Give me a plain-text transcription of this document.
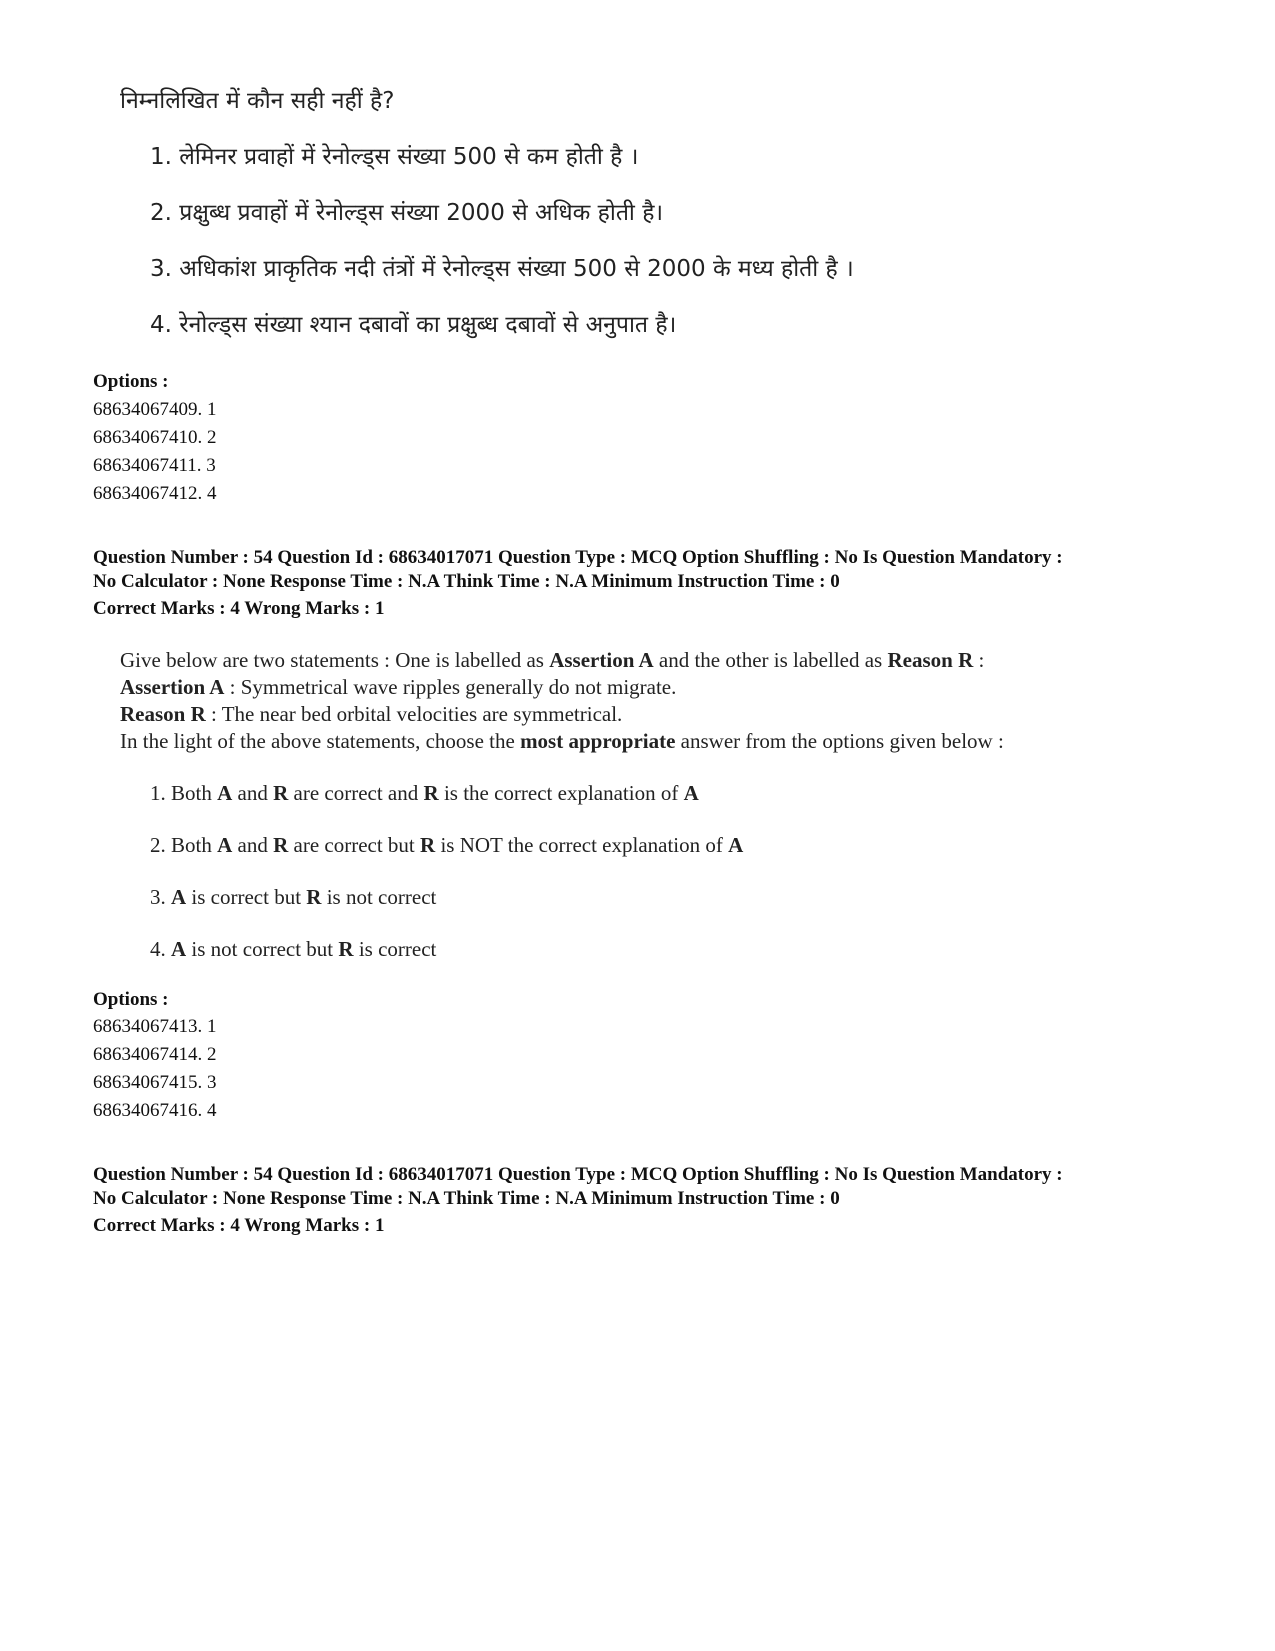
निम्नलिखित में कौन सही नहीं है?
1. लेमिनर प्रवाहों में रेनोल्ड्स संख्या 500 से कम होती है ।
2. प्रक्षुब्ध प्रवाहों में रेनोल्ड्स संख्या 2000 से अधिक होती है।
3. अधिकांश प्राकृतिक नदी तंत्रों में रेनोल्ड्स संख्या 500 से 2000 के मध्य होती है ।
4. रेनोल्ड्स संख्या श्यान दबावों का प्रक्षुब्ध दबावों से अनुपात है।
Options :
68634067409. 1
68634067410. 2
68634067411. 3
68634067412. 4
Question Number : 54 Question Id : 68634017071 Question Type : MCQ Option Shuffling : No Is Question Mandatory :
No Calculator : None Response Time : N.A Think Time : N.A Minimum Instruction Time : 0
Correct Marks : 4 Wrong Marks : 1
Give below are two statements : One is labelled as Assertion A and the other is labelled as Reason R :
Assertion A : Symmetrical wave ripples generally do not migrate.
Reason R : The near bed orbital velocities are symmetrical.
In the light of the above statements, choose the most appropriate answer from the options given below :
1. Both A and R are correct and R is the correct explanation of A
2. Both A and R are correct but R is NOT the correct explanation of A
3. A is correct but R is not correct
4. A is not correct but R is correct
Options :
68634067413. 1
68634067414. 2
68634067415. 3
68634067416. 4
Question Number : 54 Question Id : 68634017071 Question Type : MCQ Option Shuffling : No Is Question Mandatory :
No Calculator : None Response Time : N.A Think Time : N.A Minimum Instruction Time : 0
Correct Marks : 4 Wrong Marks : 1
